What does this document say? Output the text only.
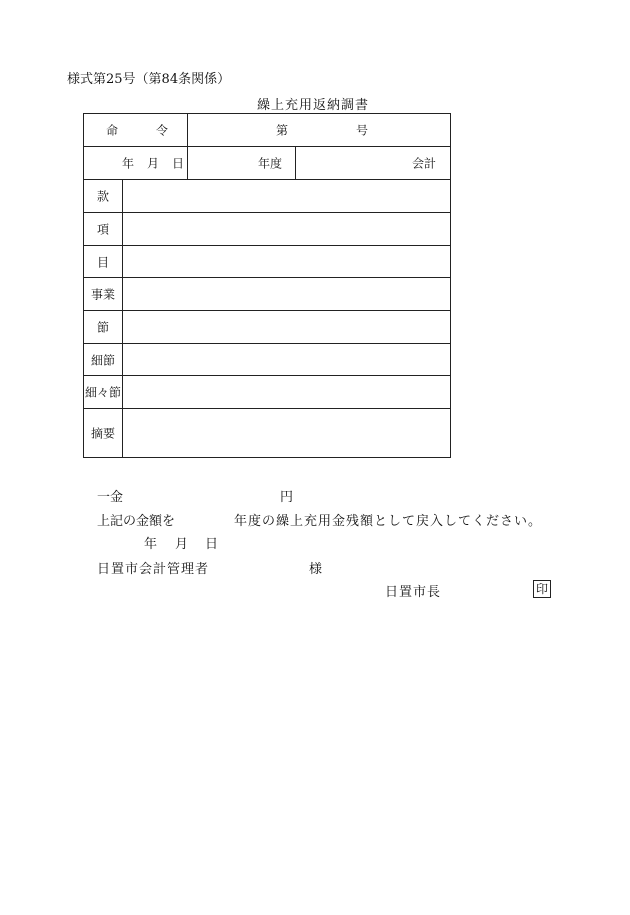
様式第25号（第84条関係）
繰上充用返納調書
命	令	第	号
年 月 日	年度	会計
款
項
目
事業
節
細節
細々節
摘要
一金	円
上記の金額を	年度の繰上充用金残額として戻入してください。
年 月 日
日置市会計管理者	様
日置市長	印
